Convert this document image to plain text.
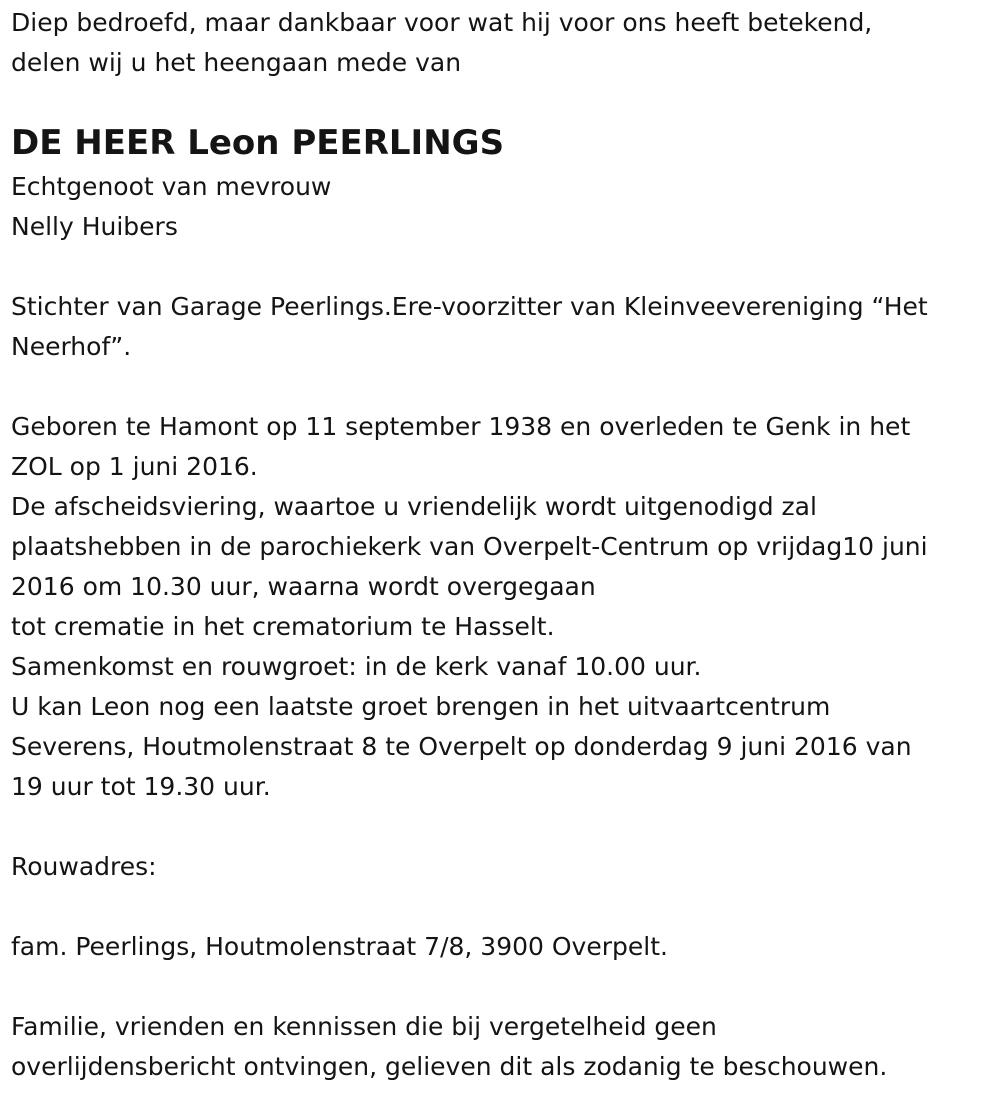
Diep bedroefd, maar dankbaar voor wat hij voor ons heeft betekend,
delen wij u het heengaan mede van
DE HEER Leon PEERLINGS
Echtgenoot van mevrouw
Nelly Huibers
Stichter van Garage Peerlings.Ere-voorzitter van Kleinveevereniging “Het
Neerhof”.
Geboren te Hamont op 11 september 1938 en overleden te Genk in het
ZOL op 1 juni 2016.
De afscheidsviering, waartoe u vriendelijk wordt uitgenodigd zal
plaatshebben in de parochiekerk van Overpelt-Centrum op vrijdag10 juni
2016 om 10.30 uur, waarna wordt overgegaan
tot crematie in het crematorium te Hasselt.
Samenkomst en rouwgroet: in de kerk vanaf 10.00 uur.
U kan Leon nog een laatste groet brengen in het uitvaartcentrum
Severens, Houtmolenstraat 8 te Overpelt op donderdag 9 juni 2016 van
19 uur tot 19.30 uur.
Rouwadres:
fam. Peerlings, Houtmolenstraat 7/8, 3900 Overpelt.
Familie, vrienden en kennissen die bij vergetelheid geen
overlijdensbericht ontvingen, gelieven dit als zodanig te beschouwen.
